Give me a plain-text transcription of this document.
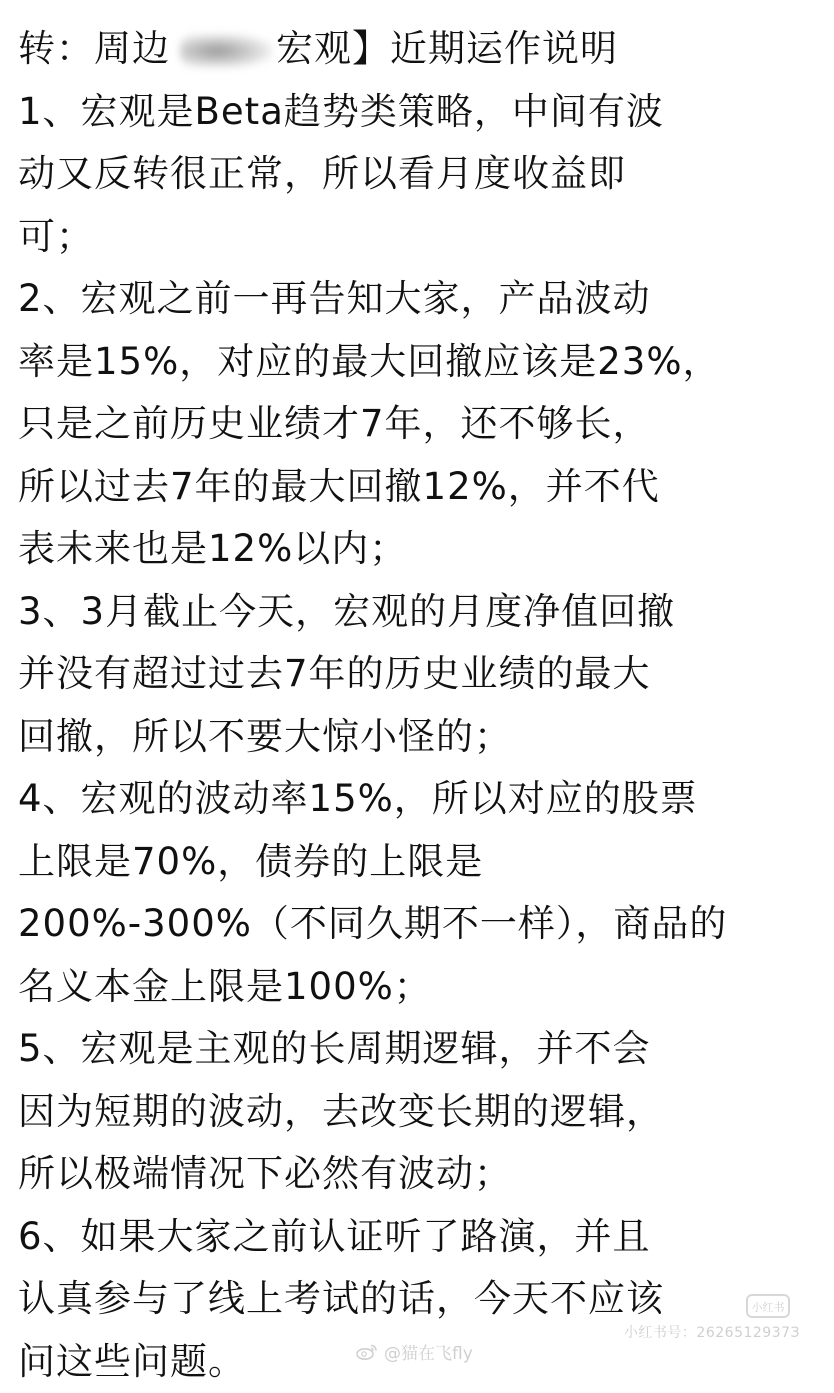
转：周边	宏观】近期运作说明
1、宏观是Beta趋势类策略，中间有波
动又反转很正常，所以看月度收益即
可；
2、宏观之前一再告知大家，产品波动
率是15%，对应的最大回撤应该是23%，
只是之前历史业绩才7年，还不够长，
所以过去7年的最大回撤12%，并不代
表未来也是12%以内；
3、3月截止今天，宏观的月度净值回撤
并没有超过过去7年的历史业绩的最大
回撤，所以不要大惊小怪的；
4、宏观的波动率15%，所以对应的股票
上限是70%，债券的上限是
200%-300%（不同久期不一样），商品的
名义本金上限是100%；
5、宏观是主观的长周期逻辑，并不会
因为短期的波动，去改变长期的逻辑，
所以极端情况下必然有波动；
6、如果大家之前认证听了路演，并且
认真参与了线上考试的话，今天不应该
问这些问题。
小红书
小红书号：2626512937З
@猫在飞fly
